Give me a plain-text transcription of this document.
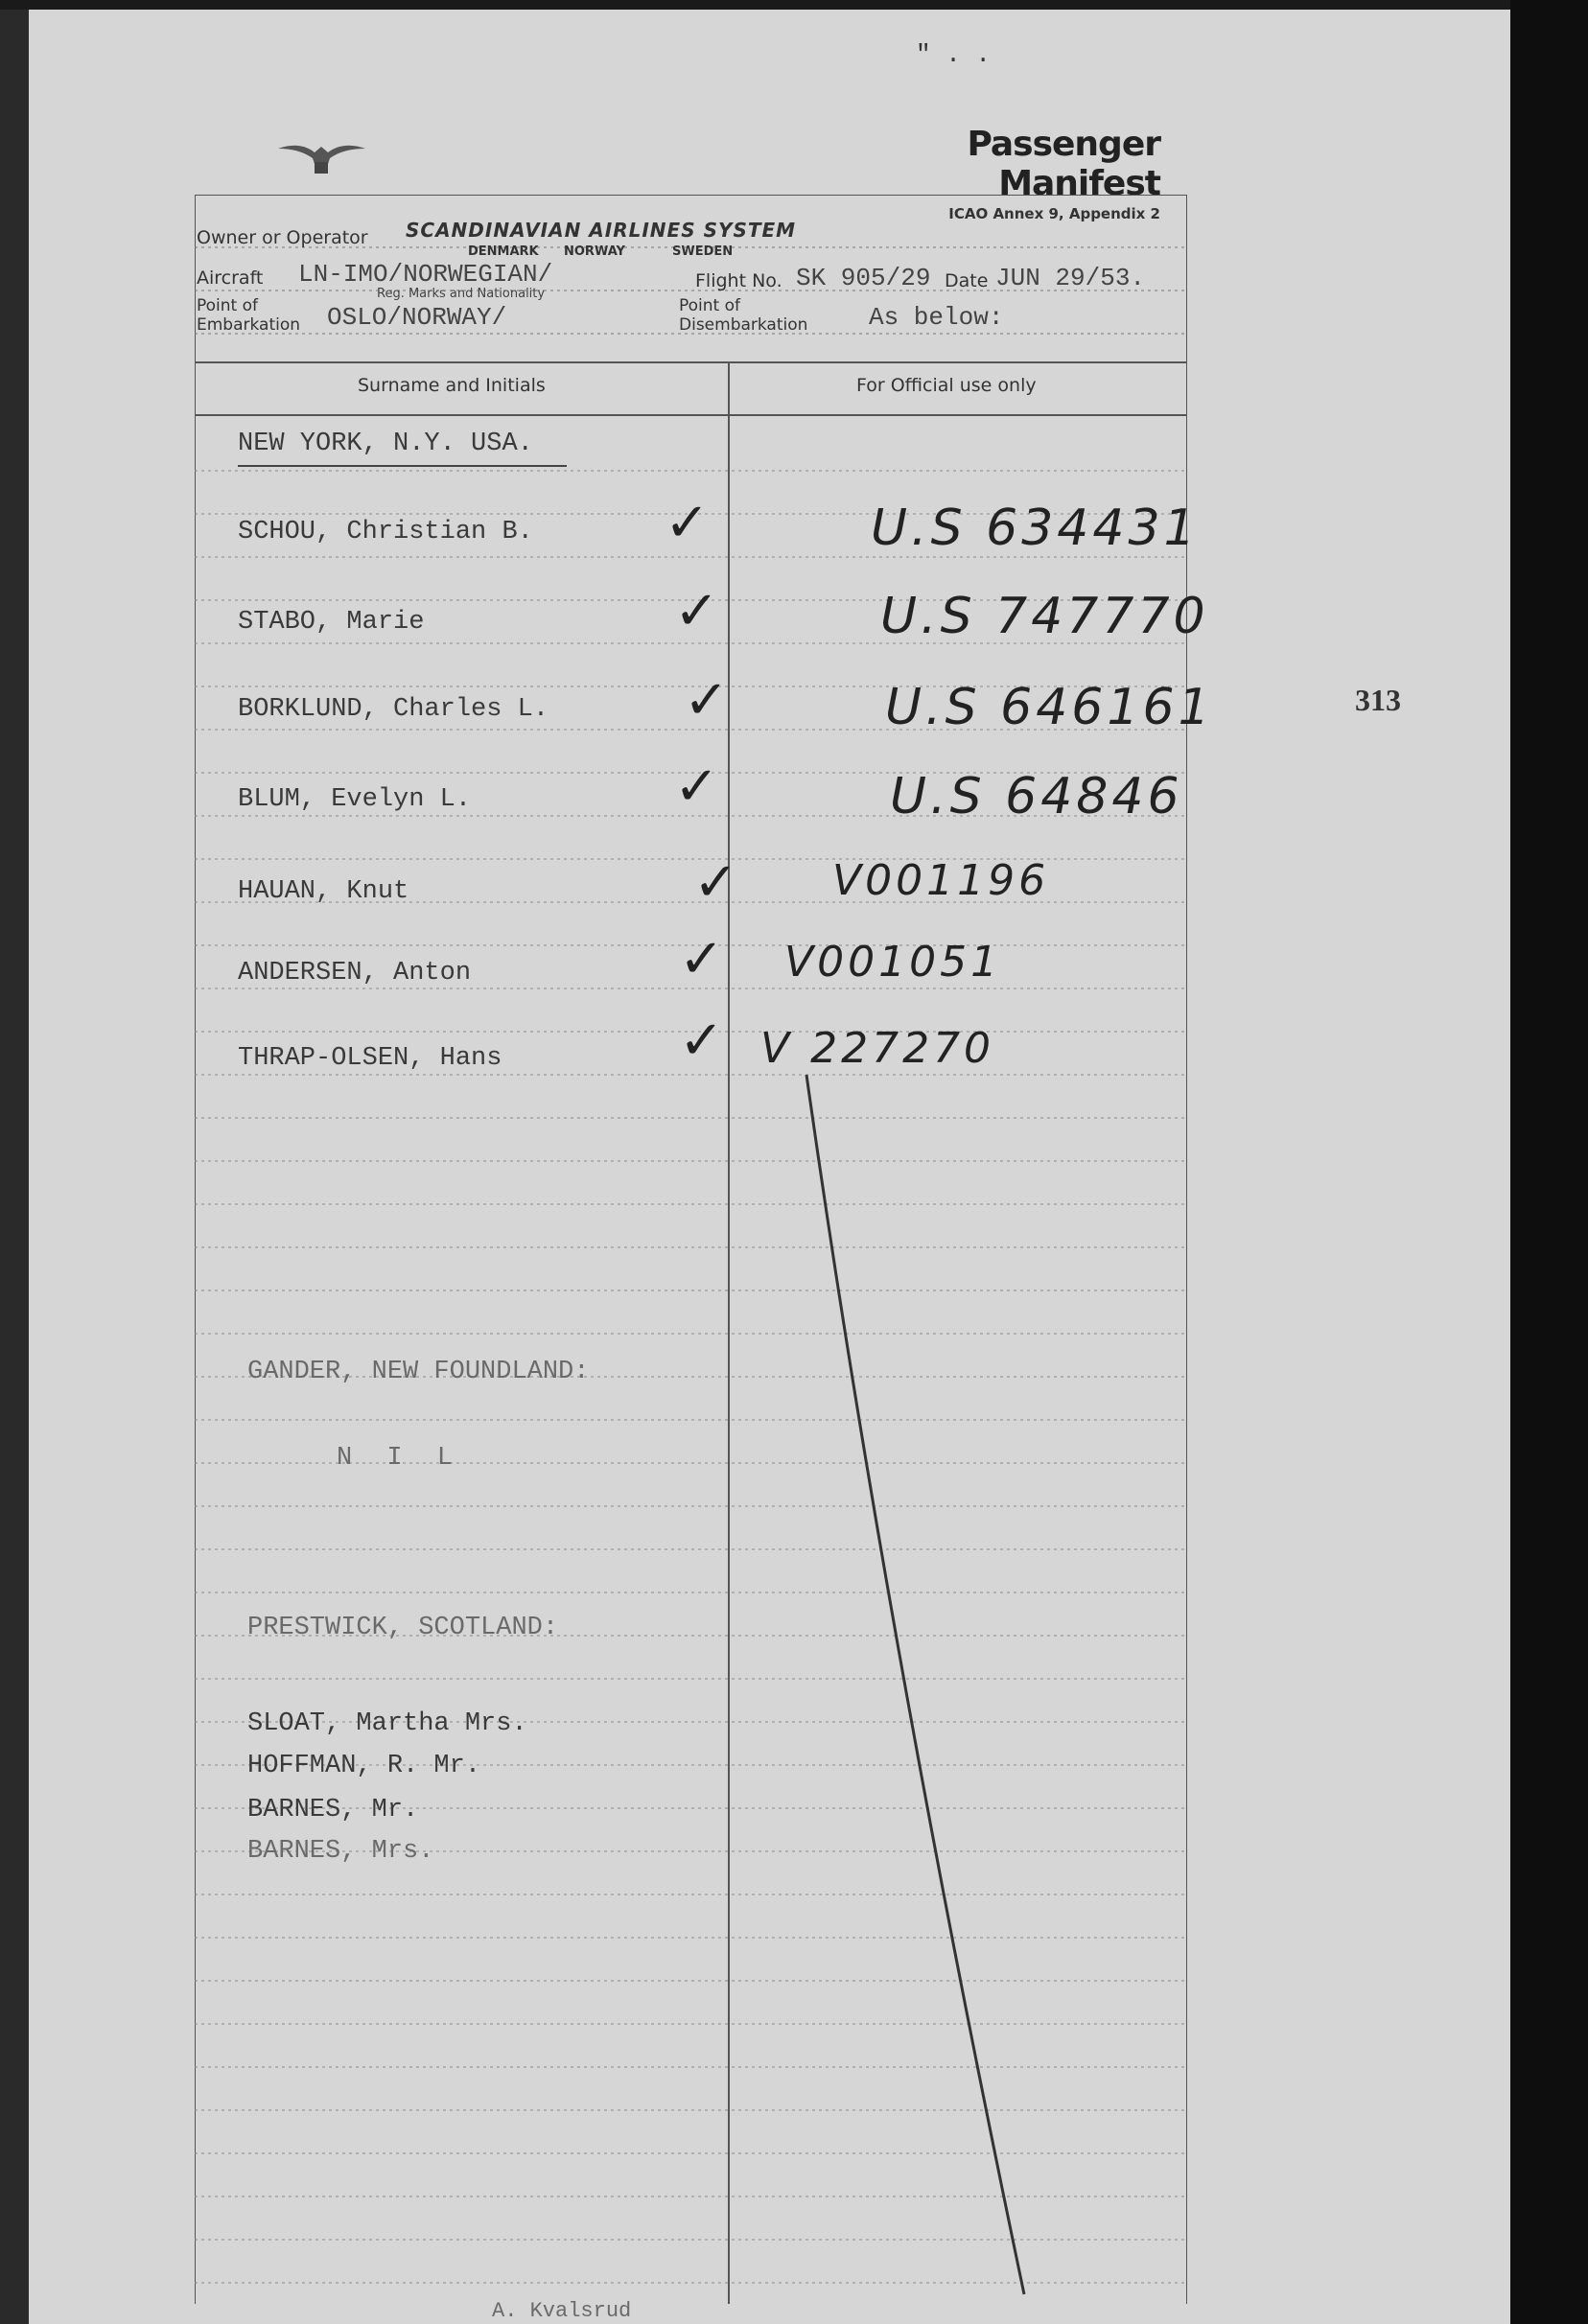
" . .
Passenger Manifest
ICAO Annex 9, Appendix 2
313
Owner or Operator SCANDINAVIAN AIRLINES SYSTEM
DENMARK NORWAY	SWEDEN
Aircraft LN-IMO/NORWEGIAN/
Reg. Marks and Nationality
Flight No. SK 905/29 Date JUN 29/53.
Point of
Embarkation OSLO/NORWAY/	Point of
Disembarkation As below:
Surname and Initials	For Official use only
NEW YORK, N.Y. USA.
SCHOU, Christian B. ✓	U.S 634431
STABO, Marie	✓	U.S 747770
BORKLUND, Charles L.	✓	U.S 646161
BLUM, Evelyn L.	✓	U.S 64846
HAUAN, Knut	✓ V001196
ANDERSEN, Anton	✓ V001051
THRAP-OLSEN, Hans	✓ V 227270
GANDER, NEW FOUNDLAND:
N I L
PRESTWICK, SCOTLAND:
SLOAT, Martha Mrs.
HOFFMAN, R. Mr.
BARNES, Mr.
BARNES, Mrs.
A. Kvalsrud
